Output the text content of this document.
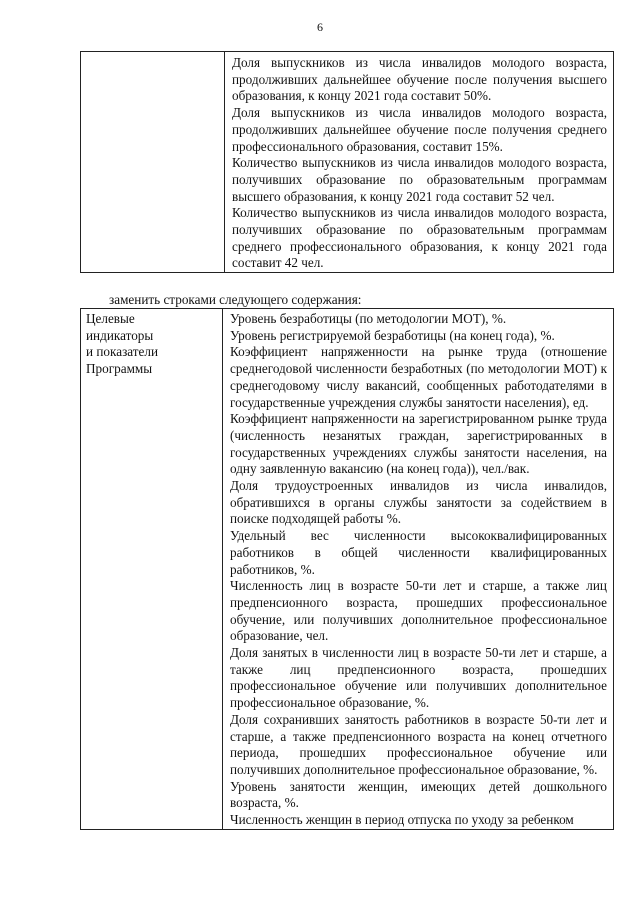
6

Доля выпускников из числа инвалидов молодого возраста, продолживших дальнейшее обучение после получения высшего образования, к концу 2021 года составит 50%.
Доля выпускников из числа инвалидов молодого возраста, продолживших дальнейшее обучение после получения среднего профессионального образования, составит 15%.
Количество выпускников из числа инвалидов молодого возраста, получивших образование по образовательным программам высшего образования, к концу 2021 года составит 52 чел.
Количество выпускников из числа инвалидов молодого возраста, получивших образование по образовательным программам среднего профессионального образования, к концу 2021 года составит 42 чел.
заменить строками следующего содержания:
Целевые
индикаторы
и показатели
Программы

Уровень безработицы (по методологии МОТ), %.
Уровень регистрируемой безработицы (на конец года), %.
Коэффициент напряженности на рынке труда (отношение среднегодовой численности безработных (по методологии МОТ) к среднегодовому числу вакансий, сообщенных работодателями в государственные учреждения службы занятости населения), ед.
Коэффициент напряженности на зарегистрированном рынке труда (численность незанятых граждан, зарегистрированных в государственных учреждениях службы занятости населения, на одну заявленную вакансию (на конец года)), чел./вак.
Доля трудоустроенных инвалидов из числа инвалидов, обратившихся в органы службы занятости за содействием в поиске подходящей работы %.
Удельный вес численности высококвалифицированных работников в общей численности квалифицированных работников, %.
Численность лиц в возрасте 50-ти лет и старше, а также лиц предпенсионного возраста, прошедших профессиональное обучение, или получивших дополнительное профессиональное образование, чел.
Доля занятых в численности лиц в возрасте 50-ти лет и старше, а также лиц предпенсионного возраста, прошедших профессиональное обучение или получивших дополнительное профессиональное образование, %.
Доля сохранивших занятость работников в возрасте 50-ти лет и старше, а также предпенсионного возраста на конец отчетного периода, прошедших профессиональное обучение или получивших дополнительное профессиональное образование, %.
Уровень занятости женщин, имеющих детей дошкольного возраста, %.
Численность женщин в период отпуска по уходу за ребенком
